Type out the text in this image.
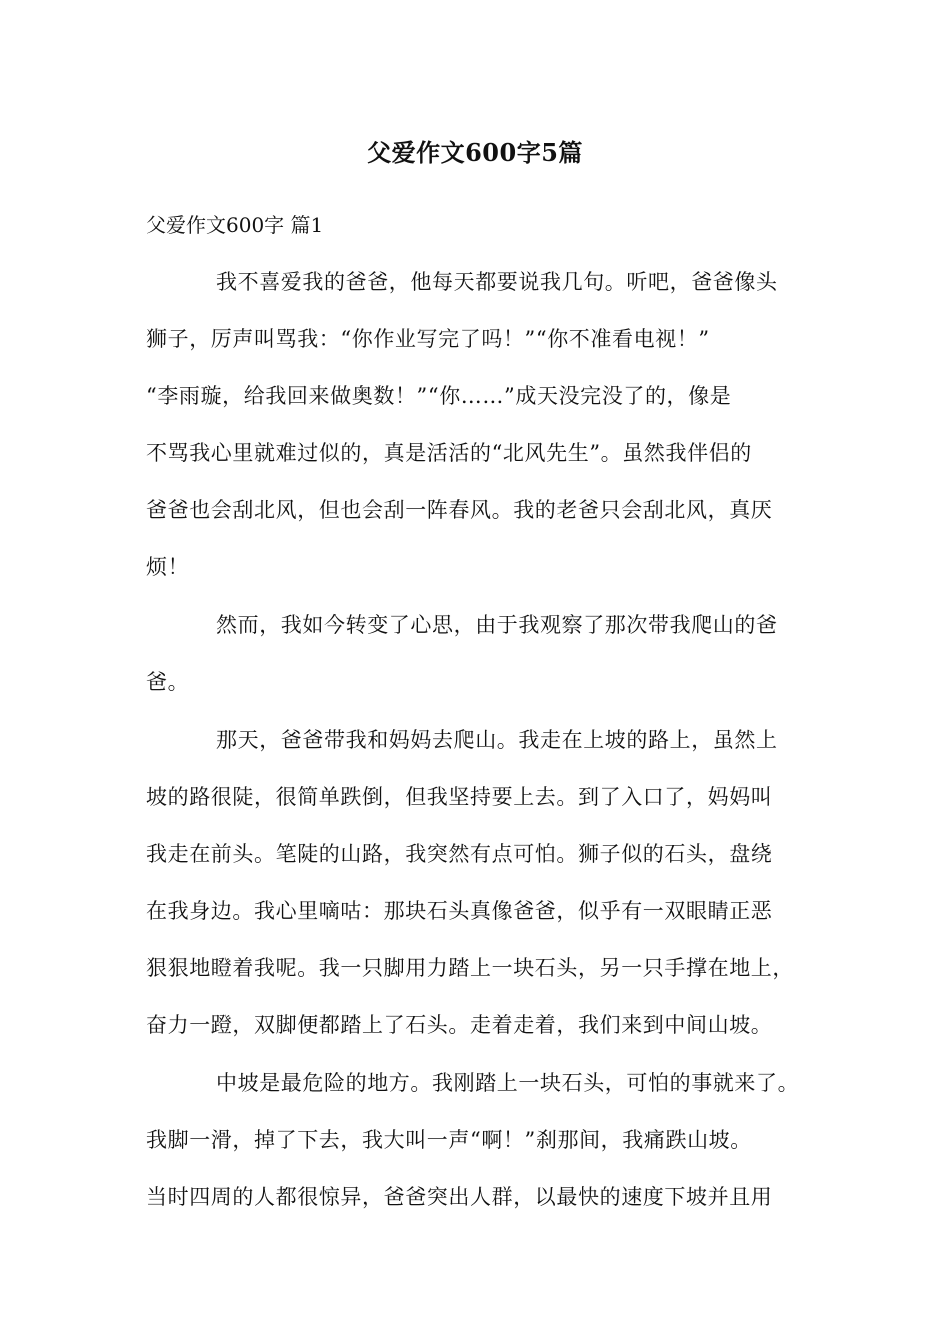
父爱作文600字5篇

父爱作文600字 篇1

我不喜爱我的爸爸，他每天都要说我几句。听吧，爸爸像头

狮子，厉声叫骂我：“你作业写完了吗！”“你不准看电视！”

“李雨璇，给我回来做奥数！”“你……”成天没完没了的，像是

不骂我心里就难过似的，真是活活的“北风先生”。虽然我伴侣的

爸爸也会刮北风，但也会刮一阵春风。我的老爸只会刮北风，真厌

烦！

然而，我如今转变了心思，由于我观察了那次带我爬山的爸

爸。

那天，爸爸带我和妈妈去爬山。我走在上坡的路上，虽然上

坡的路很陡，很简单跌倒，但我坚持要上去。到了入口了，妈妈叫

我走在前头。笔陡的山路，我突然有点可怕。狮子似的石头，盘绕

在我身边。我心里嘀咕：那块石头真像爸爸，似乎有一双眼睛正恶

狠狠地瞪着我呢。我一只脚用力踏上一块石头，另一只手撑在地上，

奋力一蹬，双脚便都踏上了石头。走着走着，我们来到中间山坡。

中坡是最危险的地方。我刚踏上一块石头，可怕的事就来了。

我脚一滑，掉了下去，我大叫一声“啊！”刹那间，我痛跌山坡。

当时四周的人都很惊异，爸爸突出人群，以最快的速度下坡并且用
